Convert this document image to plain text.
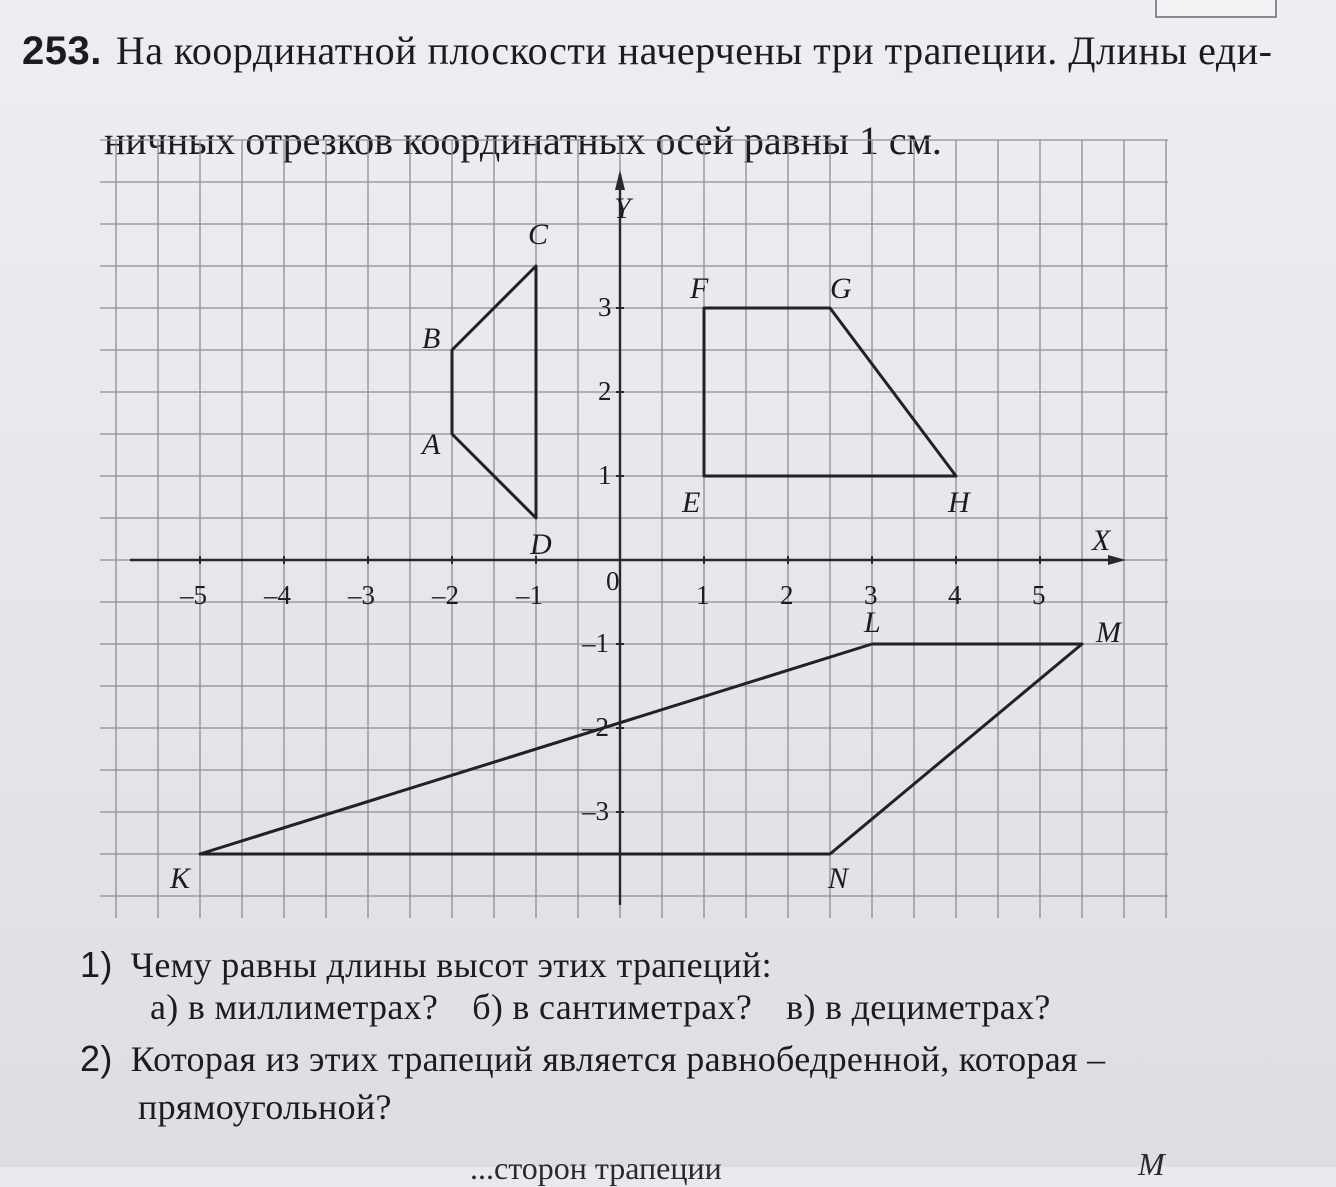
253. На координатной плоскости начерчены три трапеции. Длины еди-
ничных отрезков координатных осей равны 1 см.
X
Y
0
–5 –4 –3 –2 –1	1	2	3	4	5
3
2
1
–1
–2
–3
A
B
C
D
E
F	G
H
K
L	M
N
1) Чему равны длины высот этих трапеций:
а) в миллиметрах? б) в сантиметрах? в) в дециметрах?
2) Которая из этих трапеций является равнобедренной, которая –
прямоугольной?
...сторон трапеции	М
